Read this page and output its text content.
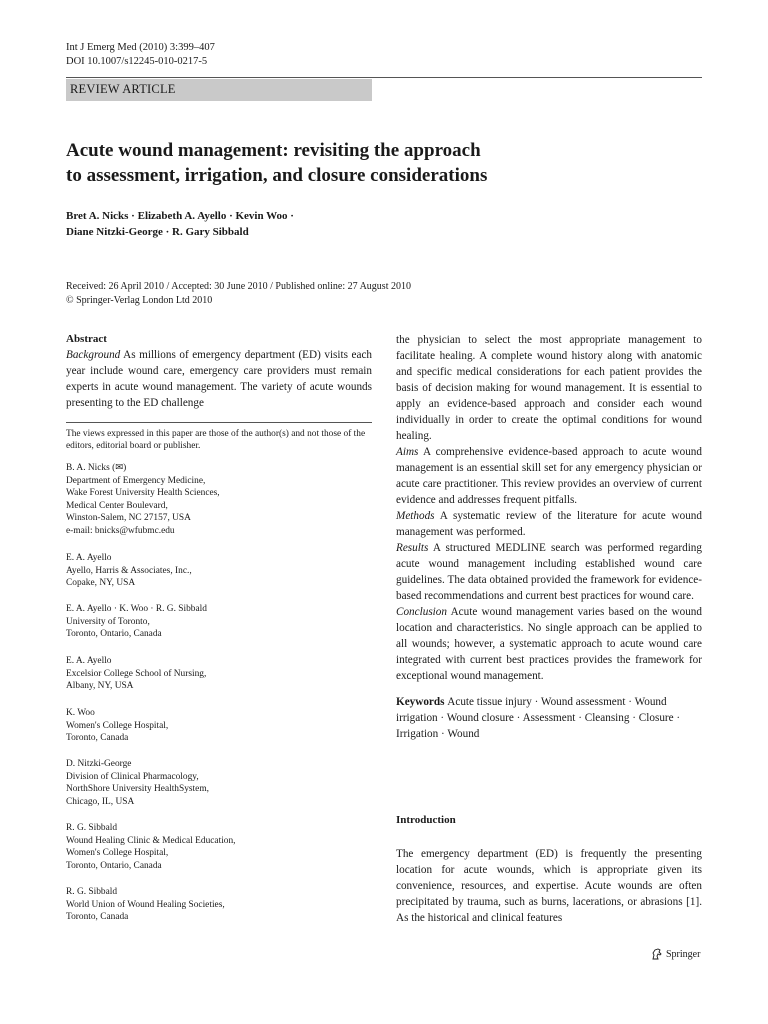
Int J Emerg Med (2010) 3:399–407
DOI 10.1007/s12245-010-0217-5
REVIEW ARTICLE
Acute wound management: revisiting the approach
to assessment, irrigation, and closure considerations
Bret A. Nicks · Elizabeth A. Ayello · Kevin Woo ·
Diane Nitzki-George · R. Gary Sibbald
Received: 26 April 2010 / Accepted: 30 June 2010 / Published online: 27 August 2010
© Springer-Verlag London Ltd 2010
Abstract

Background As millions of emergency department (ED) visits each year include wound care, emergency care providers must remain experts in acute wound management. The variety of acute wounds presenting to the ED challenge

The views expressed in this paper are those of the author(s) and not those of the editors, editorial board or publisher.
B. A. Nicks (✉)
Department of Emergency Medicine,
Wake Forest University Health Sciences,
Medical Center Boulevard,
Winston-Salem, NC 27157, USA
e-mail: bnicks@wfubmc.edu
E. A. Ayello
Ayello, Harris & Associates, Inc.,
Copake, NY, USA
E. A. Ayello · K. Woo · R. G. Sibbald
University of Toronto,
Toronto, Ontario, Canada
E. A. Ayello
Excelsior College School of Nursing,
Albany, NY, USA
K. Woo
Women's College Hospital,
Toronto, Canada
D. Nitzki-George
Division of Clinical Pharmacology,
NorthShore University HealthSystem,
Chicago, IL, USA
R. G. Sibbald
Wound Healing Clinic & Medical Education,
Women's College Hospital,
Toronto, Ontario, Canada
R. G. Sibbald
World Union of Wound Healing Societies,
Toronto, Canada

the physician to select the most appropriate management to facilitate healing. A complete wound history along with anatomic and specific medical considerations for each patient provides the basis of decision making for wound management. It is essential to apply an evidence-based approach and consider each wound individually in order to create the optimal conditions for wound healing.

Aims A comprehensive evidence-based approach to acute wound management is an essential skill set for any emergency physician or acute care practitioner. This review provides an overview of current evidence and addresses frequent pitfalls.

Methods A systematic review of the literature for acute wound management was performed.

Results A structured MEDLINE search was performed regarding acute wound management including established wound care guidelines. The data obtained provided the framework for evidence-based recommendations and current best practices for wound care.

Conclusion Acute wound management varies based on the wound location and characteristics. No single approach can be applied to all wounds; however, a systematic approach to acute wound care integrated with current best practices provides the framework for exceptional wound management.

Keywords Acute tissue injury · Wound assessment · Wound irrigation · Wound closure · Assessment · Cleansing · Closure · Irrigation · Wound
Introduction

The emergency department (ED) is frequently the presenting location for acute wounds, which is appropriate given its convenience, resources, and expertise. Acute wounds are often precipitated by trauma, such as burns, lacerations, or abrasions [1]. As the historical and clinical features

Springer
